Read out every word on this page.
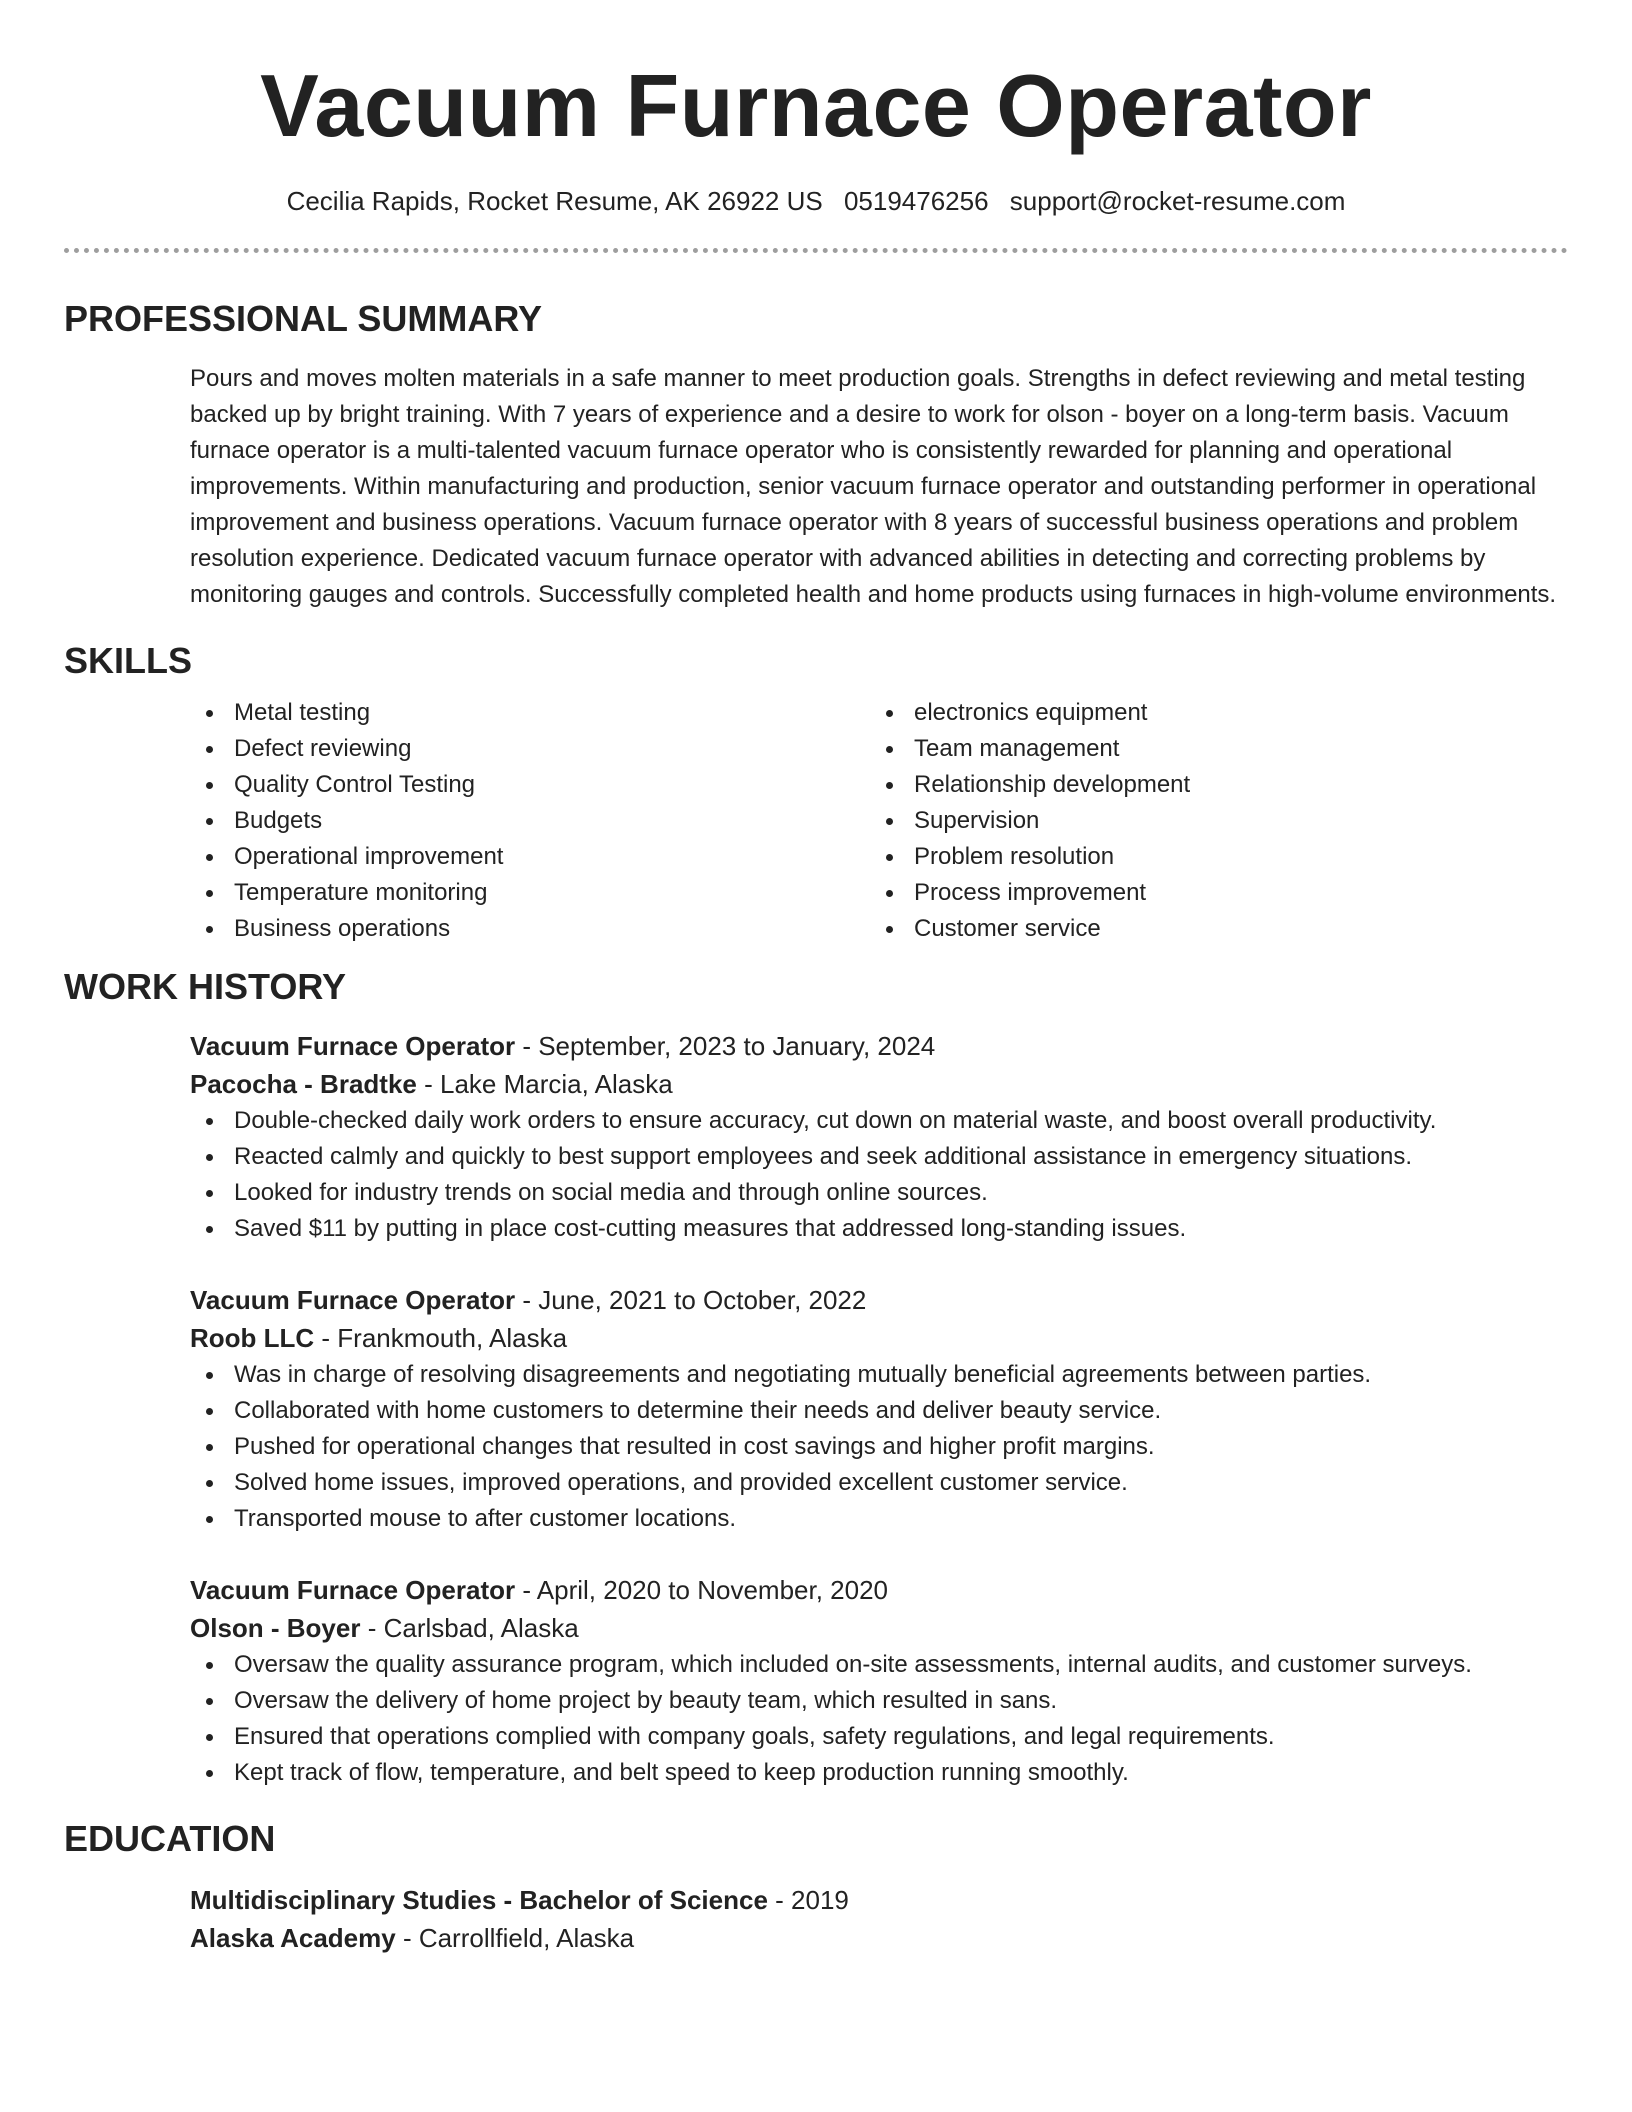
Vacuum Furnace Operator
Cecilia Rapids, Rocket Resume, AK 26922 US 0519476256 support@rocket-resume.com
PROFESSIONAL SUMMARY
Pours and moves molten materials in a safe manner to meet production goals. Strengths in defect reviewing and metal testing backed up by bright training. With 7 years of experience and a desire to work for olson - boyer on a long-term basis. Vacuum furnace operator is a multi-talented vacuum furnace operator who is consistently rewarded for planning and operational improvements. Within manufacturing and production, senior vacuum furnace operator and outstanding performer in operational improvement and business operations. Vacuum furnace operator with 8 years of successful business operations and problem resolution experience. Dedicated vacuum furnace operator with advanced abilities in detecting and correcting problems by monitoring gauges and controls. Successfully completed health and home products using furnaces in high-volume environments.
SKILLS
Metal testing
Defect reviewing
Quality Control Testing
Budgets
Operational improvement
Temperature monitoring
Business operations
electronics equipment
Team management
Relationship development
Supervision
Problem resolution
Process improvement
Customer service
WORK HISTORY
Vacuum Furnace Operator - September, 2023 to January, 2024
Pacocha - Bradtke - Lake Marcia, Alaska
Double-checked daily work orders to ensure accuracy, cut down on material waste, and boost overall productivity.
Reacted calmly and quickly to best support employees and seek additional assistance in emergency situations.
Looked for industry trends on social media and through online sources.
Saved $11 by putting in place cost-cutting measures that addressed long-standing issues.
Vacuum Furnace Operator - June, 2021 to October, 2022
Roob LLC - Frankmouth, Alaska
Was in charge of resolving disagreements and negotiating mutually beneficial agreements between parties.
Collaborated with home customers to determine their needs and deliver beauty service.
Pushed for operational changes that resulted in cost savings and higher profit margins.
Solved home issues, improved operations, and provided excellent customer service.
Transported mouse to after customer locations.
Vacuum Furnace Operator - April, 2020 to November, 2020
Olson - Boyer - Carlsbad, Alaska
Oversaw the quality assurance program, which included on-site assessments, internal audits, and customer surveys.
Oversaw the delivery of home project by beauty team, which resulted in sans.
Ensured that operations complied with company goals, safety regulations, and legal requirements.
Kept track of flow, temperature, and belt speed to keep production running smoothly.
EDUCATION
Multidisciplinary Studies - Bachelor of Science - 2019
Alaska Academy - Carrollfield, Alaska
